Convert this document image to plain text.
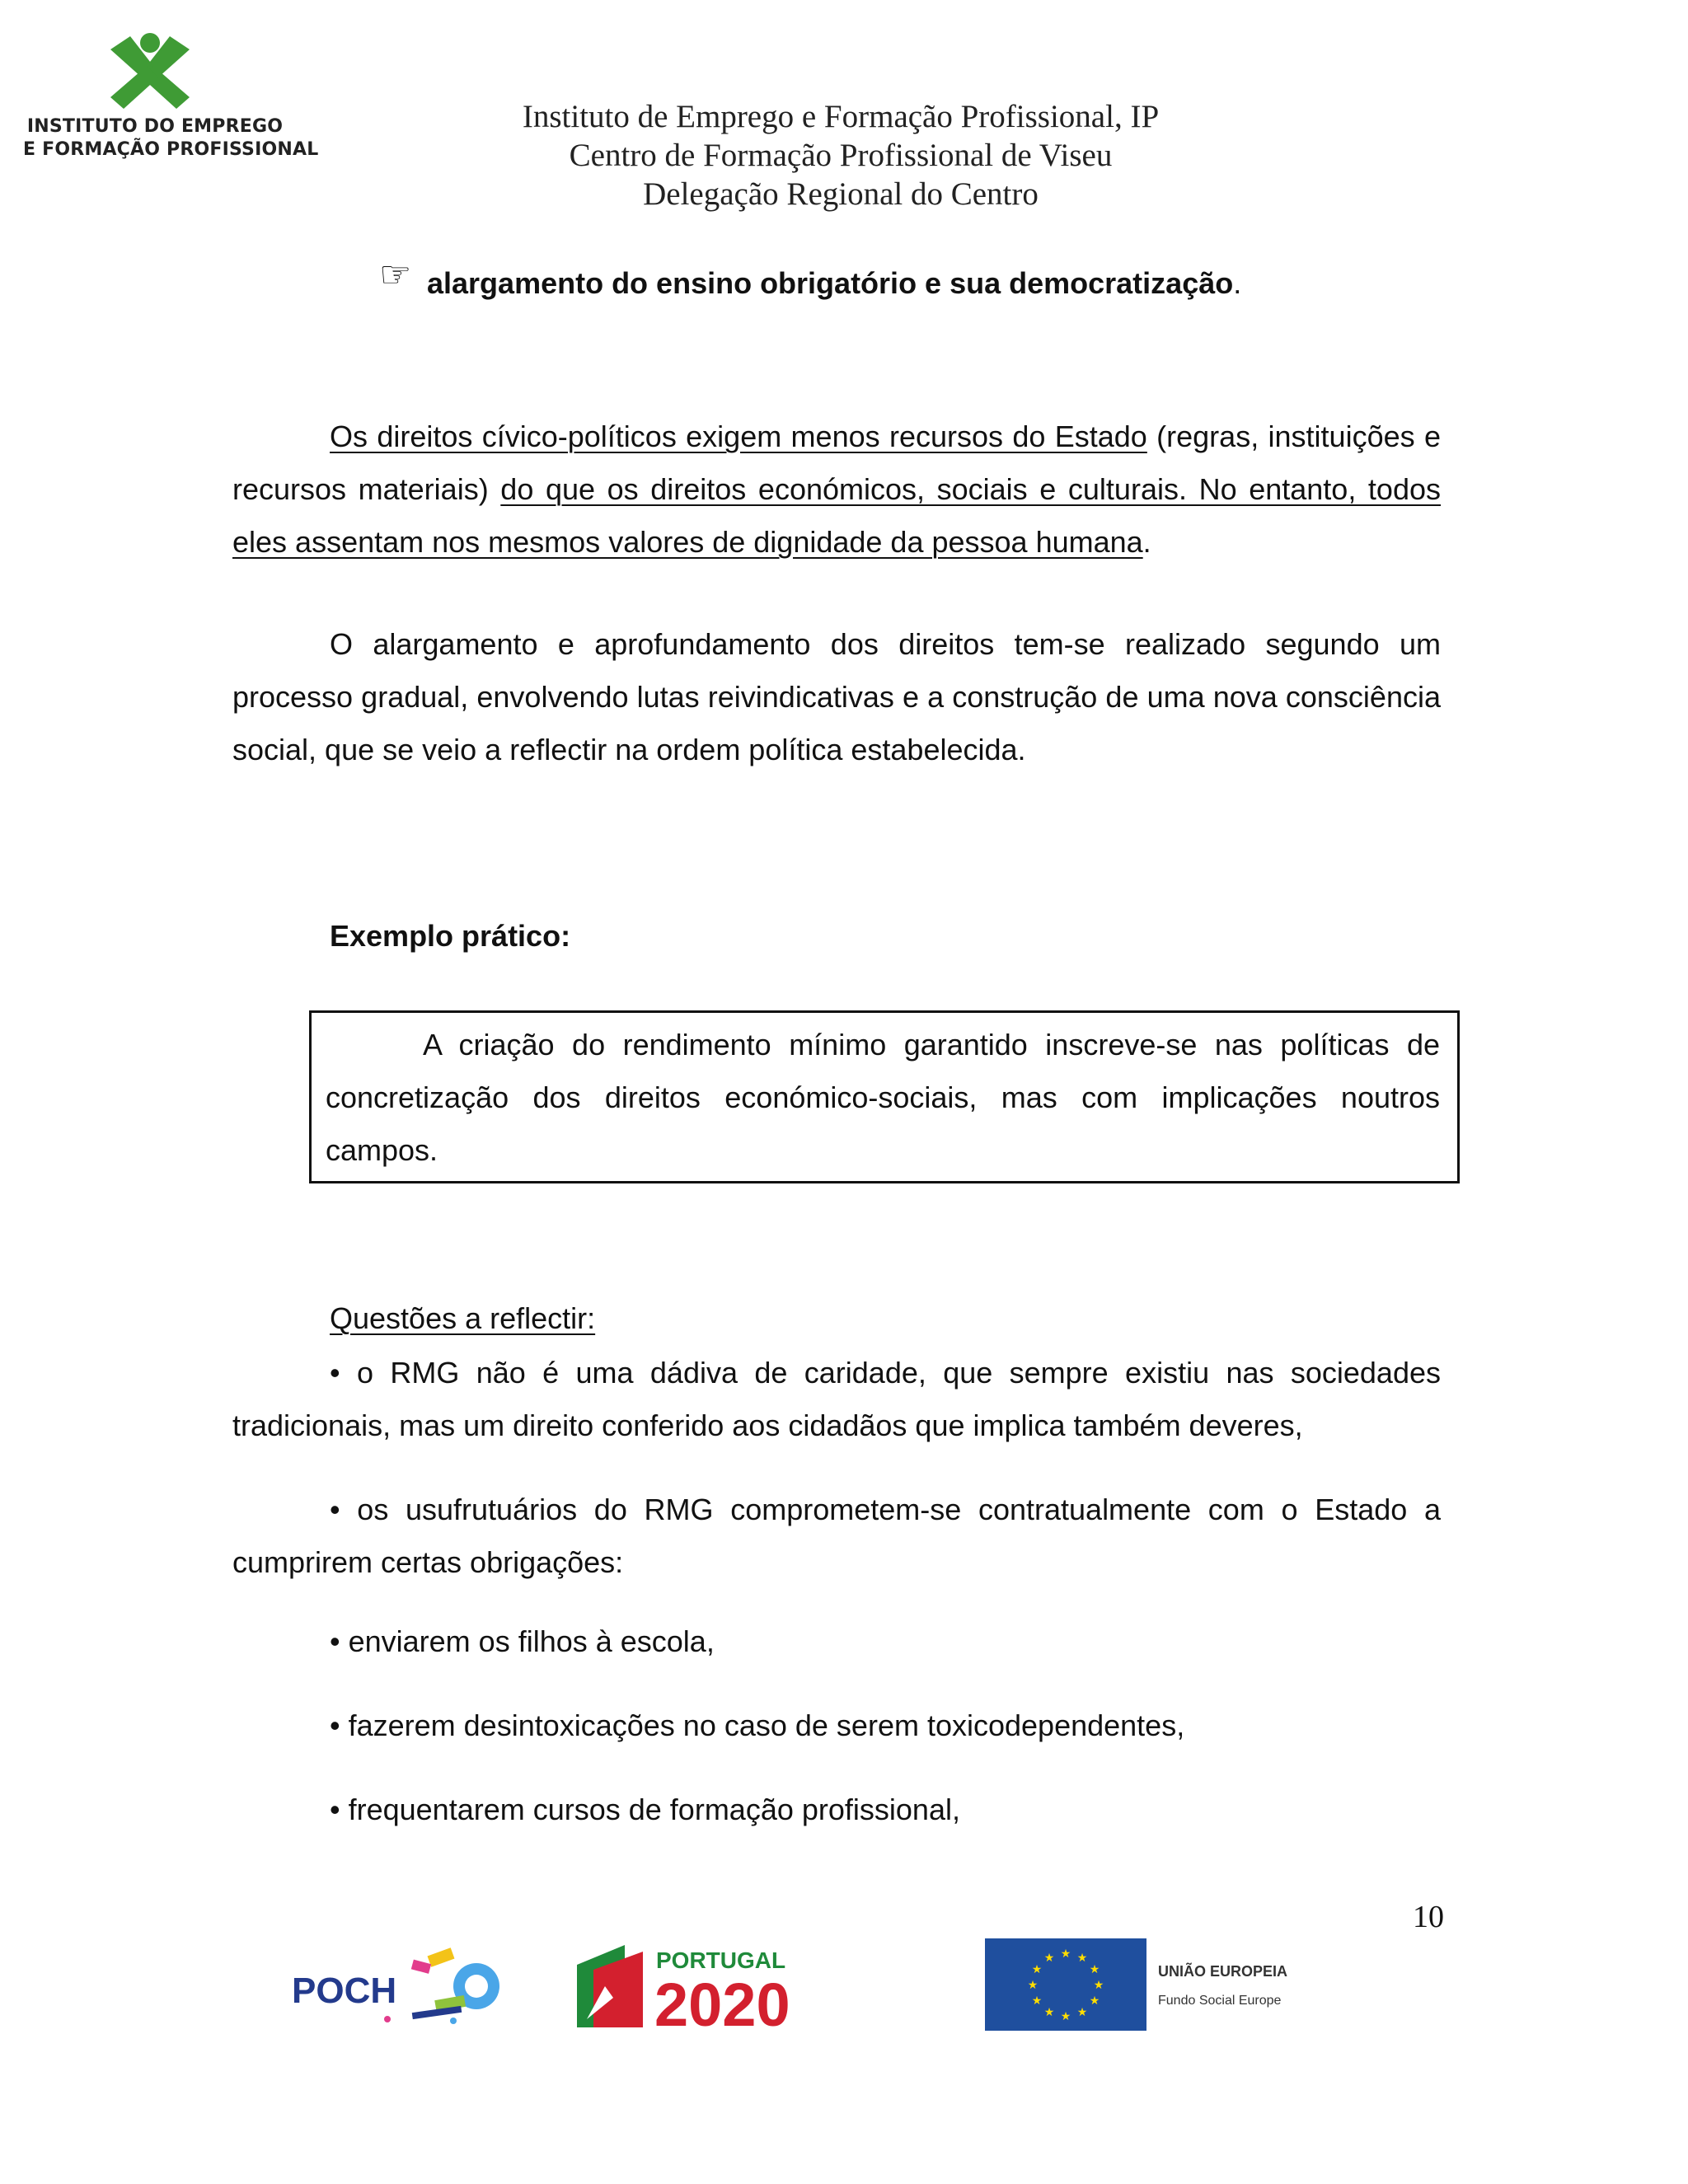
INSTITUTO DO EMPREGO
E FORMAÇÃO PROFISSIONAL
Instituto de Emprego e Formação Profissional, IP
Centro de Formação Profissional de Viseu
Delegação Regional do Centro
☞ alargamento do ensino obrigatório e sua democratização.

Os direitos cívico-políticos exigem menos recursos do Estado (regras, instituições e recursos materiais) do que os direitos económicos, sociais e culturais. No entanto, todos eles assentam nos mesmos valores de dignidade da pessoa humana.

O alargamento e aprofundamento dos direitos tem-se realizado segundo um processo gradual, envolvendo lutas reivindicativas e a construção de uma nova consciência social, que se veio a reflectir na ordem política estabelecida.

Exemplo prático:

A criação do rendimento mínimo garantido inscreve-se nas políticas de concretização dos direitos económico-sociais, mas com implicações noutros campos.

Questões a reflectir:

• o RMG não é uma dádiva de caridade, que sempre existiu nas sociedades tradicionais, mas um direito conferido aos cidadãos que implica também deveres,

• os usufrutuários do RMG comprometem-se contratualmente com o Estado a cumprirem certas obrigações:

• enviarem os filhos à escola,
• fazerem desintoxicações no caso de serem toxicodependentes,
• frequentarem cursos de formação profissional,
10
POCH
PORTUGAL
2020
★ ★
★
★
★
★
★
★
★
★
★
★
UNIÃO EUROPEIA
Fundo Social Europe
